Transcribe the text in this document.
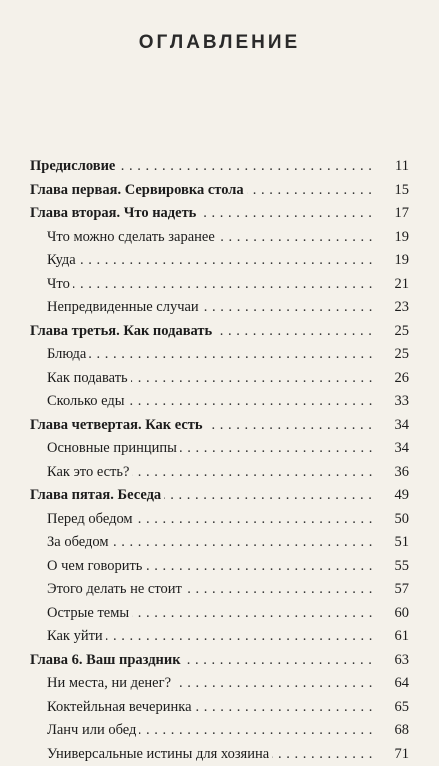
ОГЛАВЛЕНИЕ
Предисловие . . .	11
Глава первая. Сервировка стола . . .	15
Глава вторая. Что надеть . . .	17
Что можно сделать заранее . . .	19
Куда . . .	19
Что . . .	21
Непредвиденные случаи . . .	23
Глава третья. Как подавать . . .	25
Блюда . . .	25
Как подавать . . .	26
Сколько еды . . .	33
Глава четвертая. Как есть . . .	34
Основные принципы . . .	34
Как это есть? . . .	36
Глава пятая. Беседа . . .	49
Перед обедом . . .	50
За обедом . . .	51
О чем говорить . . .	55
Этого делать не стоит . . .	57
Острые темы . . .	60
Как уйти . . .	61
Глава 6. Ваш праздник . . .	63
Ни места, ни денег? . . .	64
Коктейльная вечеринка . . .	65
Ланч или обед . . .	68
Универсальные истины для хозяина . . .	71
